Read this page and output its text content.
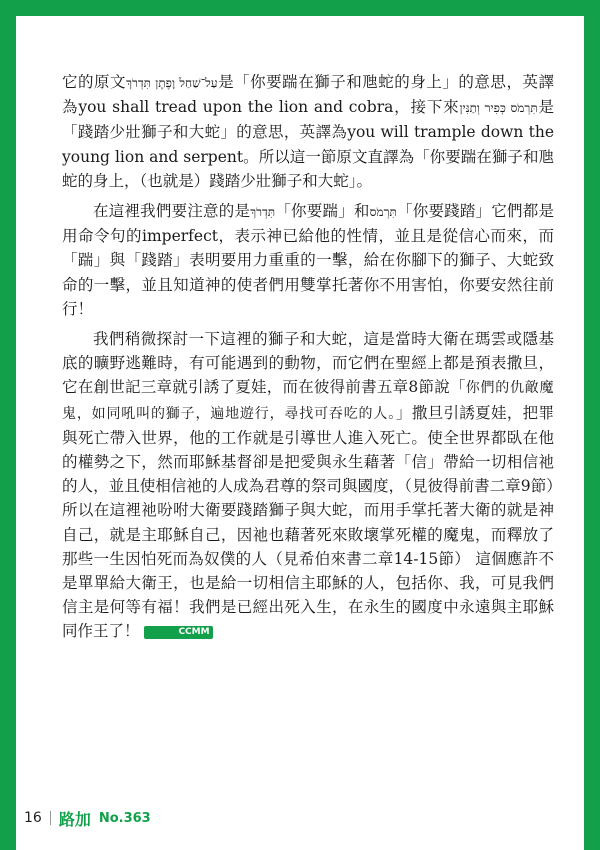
它的原文עַל־שַׁחַל וָפֶתֶן תִּדְרֹךְ是「你要踹在獅子和虺蛇的身上」的意思，英譯為you shall tread upon the lion and cobra，接下來תִּרְמֹס כְּפִיר וְתַנִּין是「踐踏少壯獅子和大蛇」的意思，英譯為you will trample down the young lion and serpent。所以這一節原文直譯為「你要踹在獅子和虺蛇的身上，（也就是）踐踏少壯獅子和大蛇」。

在這裡我們要注意的是תִּדְרֹךְ「你要踹」和תִּרְמֹס「你要踐踏」它們都是用命令句的imperfect，表示神已給他的性情，並且是從信心而來，而「踹」與「踐踏」表明要用力重重的一擊，給在你腳下的獅子、大蛇致命的一擊，並且知道神的使者們用雙掌托著你不用害怕，你要安然往前行！

我們稍微探討一下這裡的獅子和大蛇，這是當時大衛在瑪雲或隱基底的曠野逃難時，有可能遇到的動物，而它們在聖經上都是預表撒旦，它在創世記三章就引誘了夏娃，而在彼得前書五章8節說「你們的仇敵魔鬼，如同吼叫的獅子，遍地遊行，尋找可吞吃的人。」撒旦引誘夏娃，把罪與死亡帶入世界，他的工作就是引導世人進入死亡。使全世界都臥在他的權勢之下，然而耶穌基督卻是把愛與永生藉著「信」帶給一切相信祂的人，並且使相信祂的人成為君尊的祭司與國度，（見彼得前書二章9節）所以在這裡祂吩咐大衛要踐踏獅子與大蛇，而用手掌托著大衛的就是神自己，就是主耶穌自己，因祂也藉著死來敗壞掌死權的魔鬼，而釋放了那些一生因怕死而為奴僕的人（見希伯來書二章14-15節） 這個應許不是單單給大衛王，也是給一切相信主耶穌的人，包括你、我，可見我們信主是何等有福！我們是已經出死入生，在永生的國度中永遠與主耶穌同作王了！	CCMM

16 路加 No.363
